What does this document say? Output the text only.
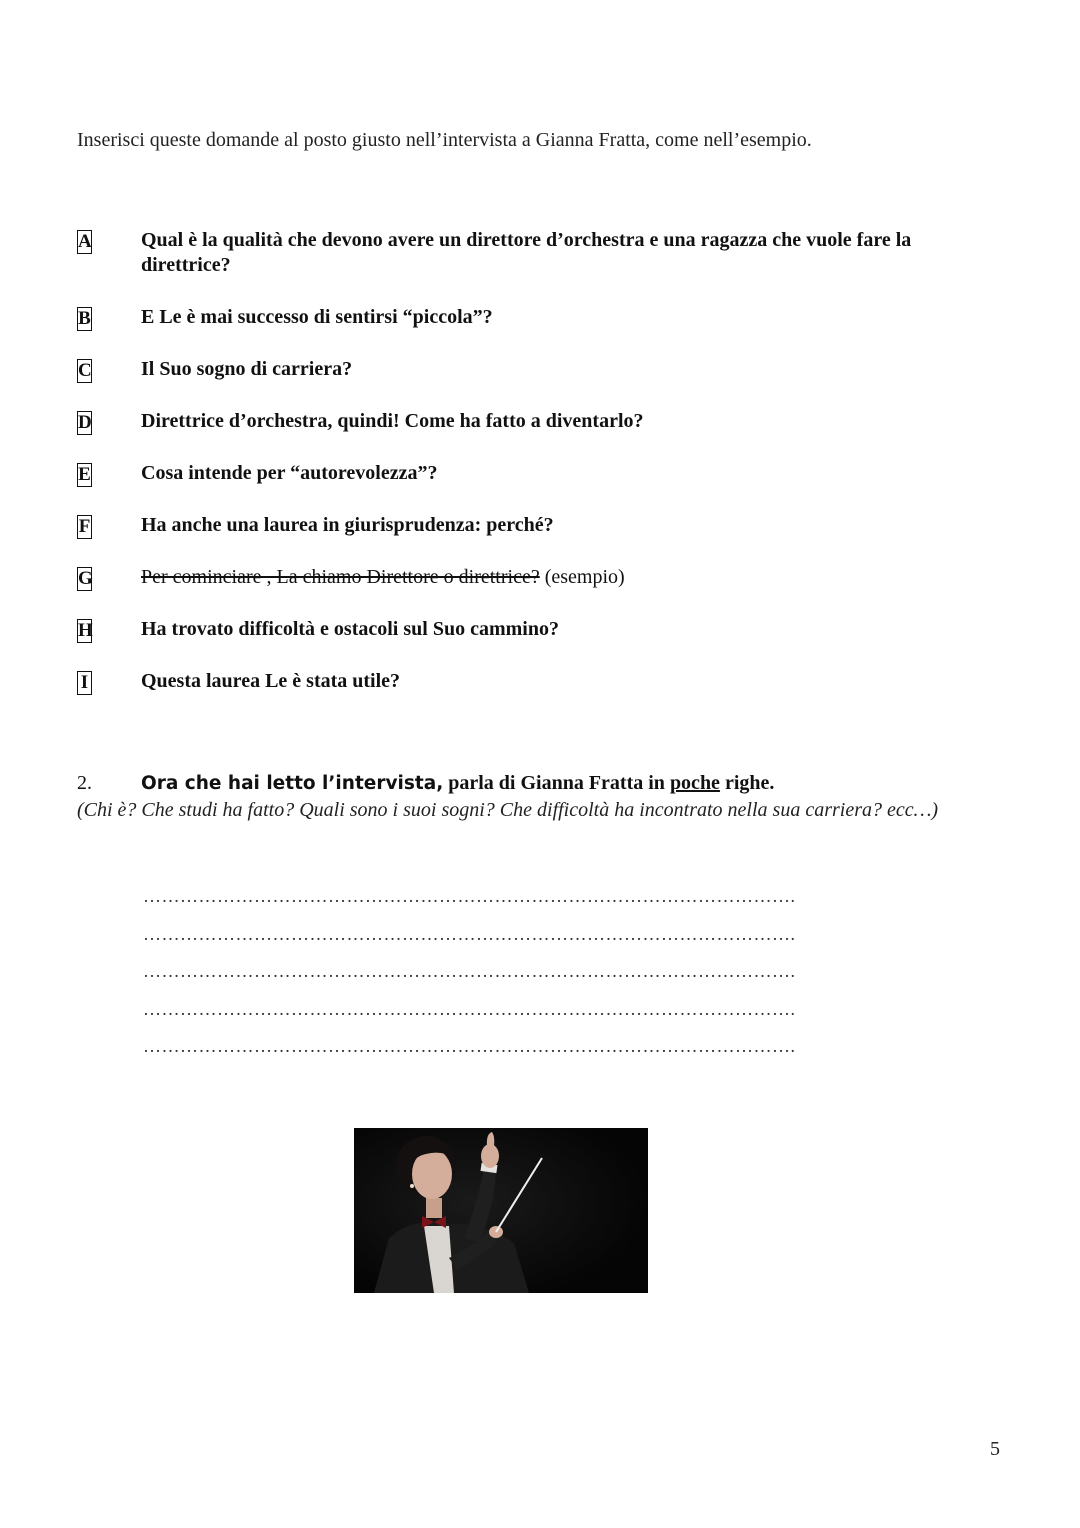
Inserisci queste domande al posto giusto nell’intervista a Gianna Fratta, come nell’esempio.
A Qual è la qualità che devono avere un direttore d’orchestra e una ragazza che vuole fare la direttrice?
B	E Le è mai successo di sentirsi “piccola”?
C Il Suo sogno di carriera?
D Direttrice d’orchestra, quindi! Come ha fatto a diventarlo?
E	Cosa intende per “autorevolezza”?
F	Ha anche una laurea in giurisprudenza: perché?
G Per cominciare , La chiamo Direttore o direttrice? (esempio)
H Ha trovato difficoltà e ostacoli sul Suo cammino?
I	Questa laurea Le è stata utile?
2.	Ora che hai letto l’intervista, parla di Gianna Fratta in poche righe.
(Chi è? Che studi ha fatto? Quali sono i suoi sogni? Che difficoltà ha incontrato nella sua carriera? ecc…)
…………………………………………………………………………………………….
…………………………………………………………………………………………….
…………………………………………………………………………………………….
…………………………………………………………………………………………….
…………………………………………………………………………………………….
5
